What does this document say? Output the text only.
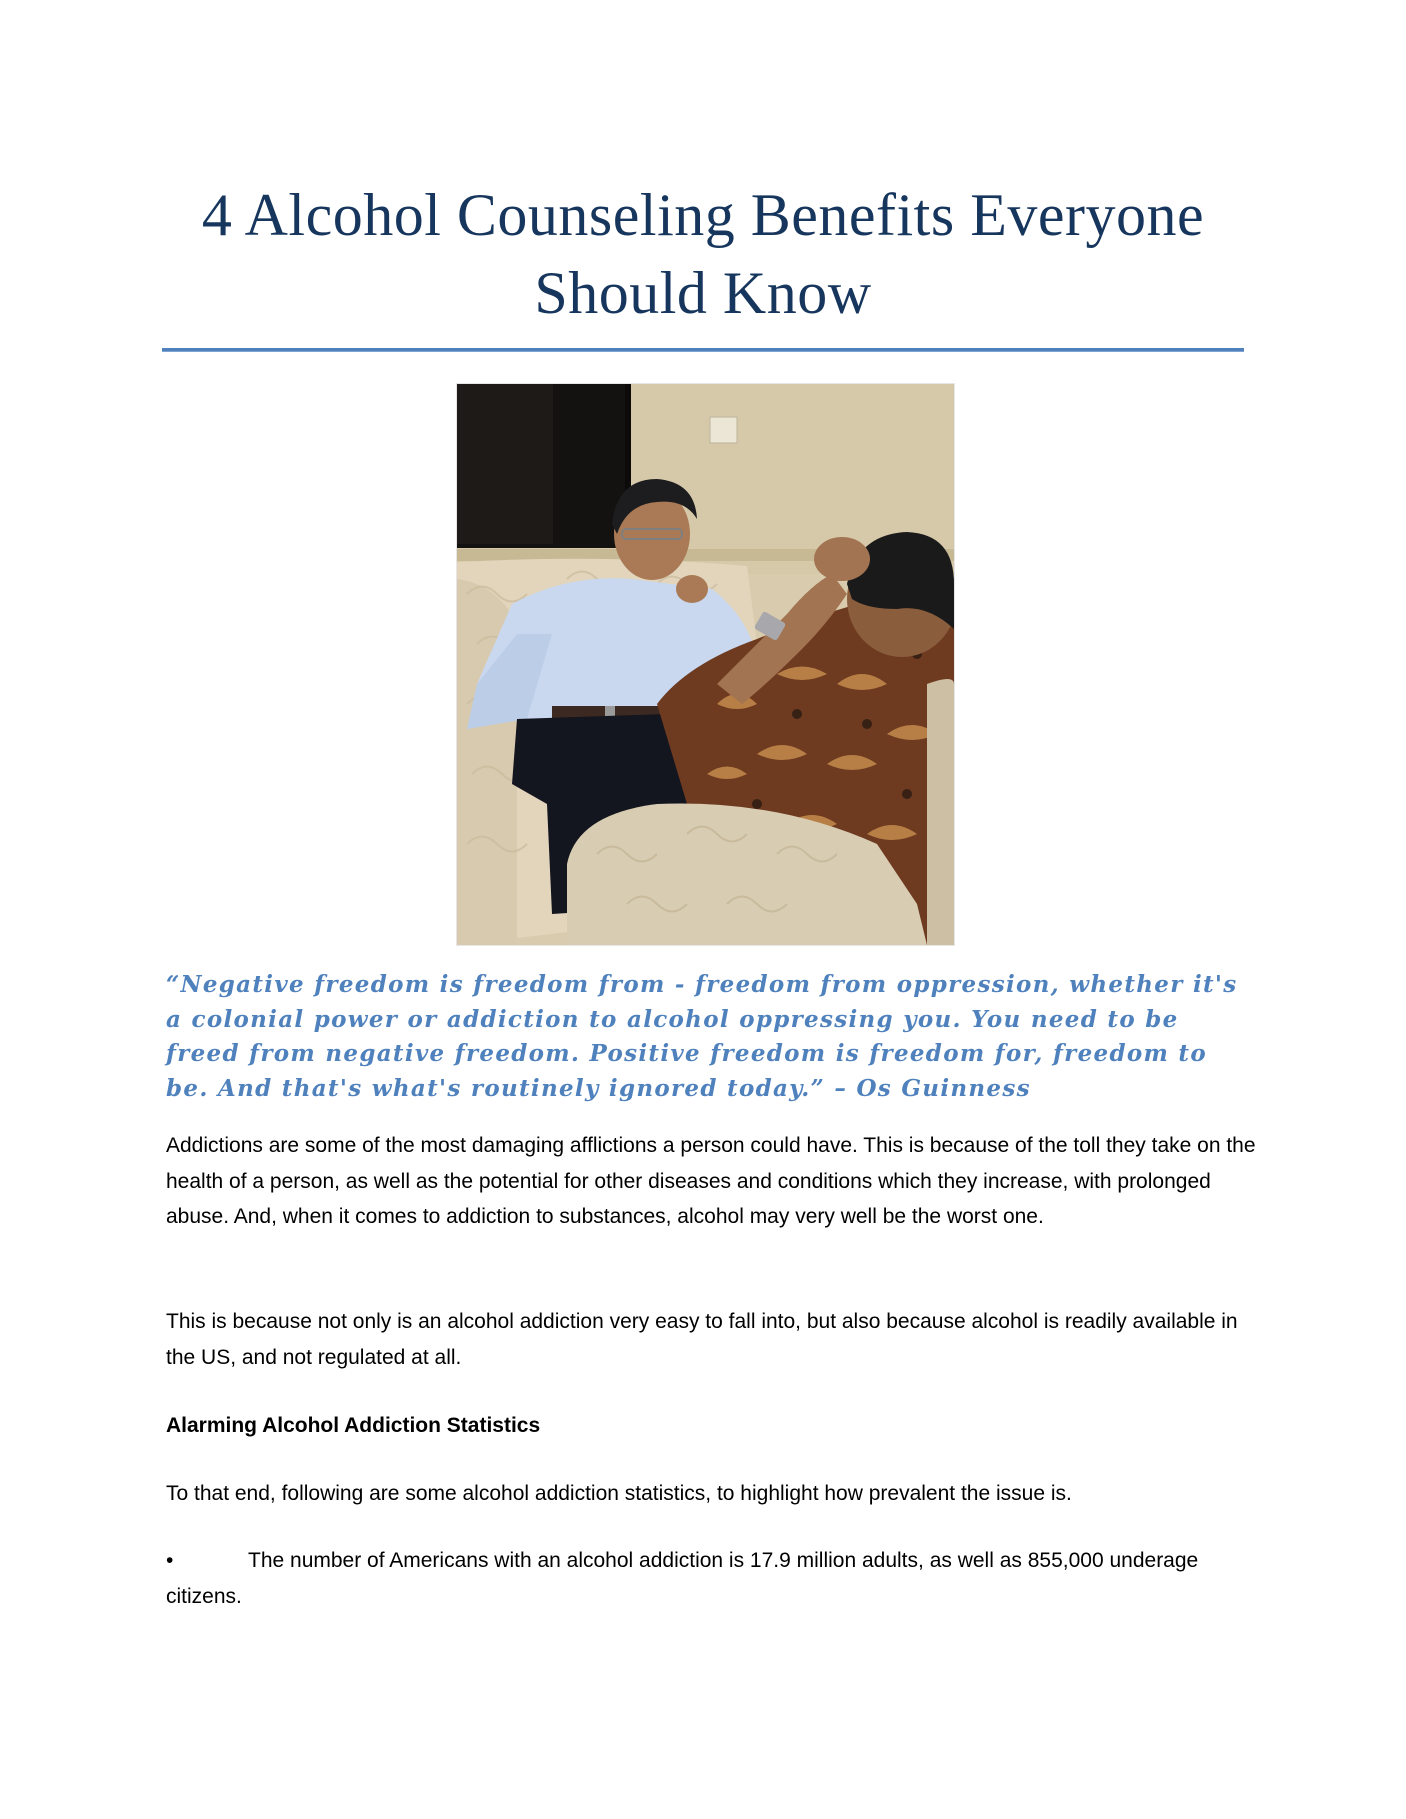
4 Alcohol Counseling Benefits Everyone
Should Know

“Negative freedom is freedom from - freedom from oppression, whether it's a colonial power or addiction to alcohol oppressing you. You need to be freed from negative freedom. Positive freedom is freedom for, freedom to be. And that's what's routinely ignored today.” – Os Guinness

Addictions are some of the most damaging afflictions a person could have. This is because of the toll they take on the health of a person, as well as the potential for other diseases and conditions which they increase, with prolonged abuse. And, when it comes to addiction to substances, alcohol may very well be the worst one.

This is because not only is an alcohol addiction very easy to fall into, but also because alcohol is readily available in the US, and not regulated at all.

Alarming Alcohol Addiction Statistics

To that end, following are some alcohol addiction statistics, to highlight how prevalent the issue is.

•	The number of Americans with an alcohol addiction is 17.9 million adults, as well as 855,000 underage citizens.
